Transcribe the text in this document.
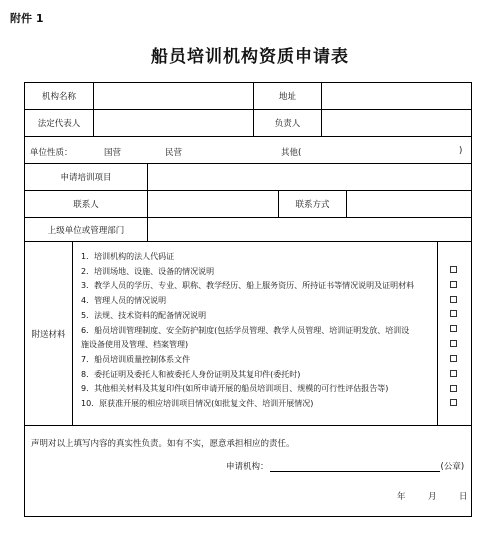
附件 1
船员培训机构资质申请表
机构名称	地址
法定代表人	负责人
单位性质：	国营	民营	其他(	)
申请培训项目
联系人	联系方式
上级单位或管理部门
附送材料
1．培训机构的法人代码证
2．培训场地、设施、设备的情况说明
3．教学人员的学历、专业、职称、教学经历、船上服务资历、所持证书等情况说明及证明材料
4．管理人员的情况说明
5．法规、技术资料的配备情况说明
6．船员培训管理制度、安全防护制度(包括学员管理、教学人员管理、培训证明发放、培训设
施设备使用及管理、档案管理)
7．船员培训质量控制体系文件
8．委托证明及委托人和被委托人身份证明及其复印件(委托时)
9．其他相关材料及其复印件(如所申请开展的船员培训项目、规模的可行性评估报告等)
10．原获准开展的相应培训项目情况(如批复文件、培训开展情况)
声明对以上填写内容的真实性负责。如有不实，愿意承担相应的责任。
申请机构：	(公章)
年	月	日
